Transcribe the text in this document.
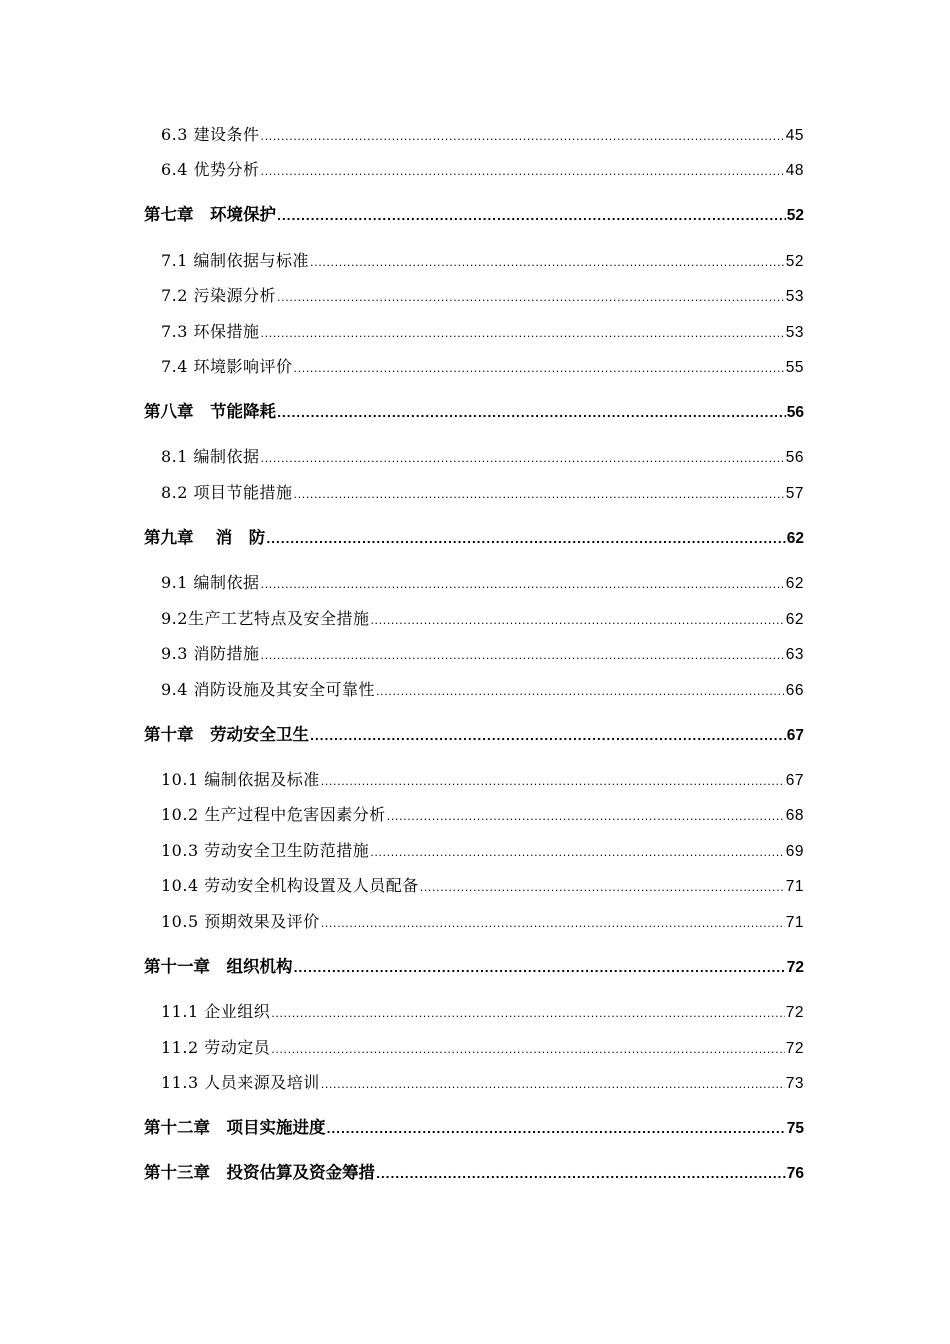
6.3 建设条件 .....	45
6.4 优势分析 .....	48
第七章　环境保护 .....	52
7.1 编制依据与标准 .....	52
7.2 污染源分析 .....	53
7.3 环保措施 .....	53
7.4 环境影响评价 .....	55
第八章　节能降耗 .....	56
8.1 编制依据 .....	56
8.2 项目节能措施 .....	57
第九章　 消　防 .....	62
9.1 编制依据 .....	62
9.2生产工艺特点及安全措施 .....	62
9.3 消防措施 .....	63
9.4 消防设施及其安全可靠性 .....	66
第十章　劳动安全卫生 .....	67
10.1 编制依据及标准 .....	67
10.2 生产过程中危害因素分析 .....	68
10.3 劳动安全卫生防范措施 .....	69
10.4 劳动安全机构设置及人员配备 .....	71
10.5 预期效果及评价 .....	71
第十一章　组织机构 .....	72
11.1 企业组织 .....	72
11.2 劳动定员 .....	72
11.3 人员来源及培训 .....	73
第十二章　项目实施进度 .....	75
第十三章　投资估算及资金筹措 .....	76
